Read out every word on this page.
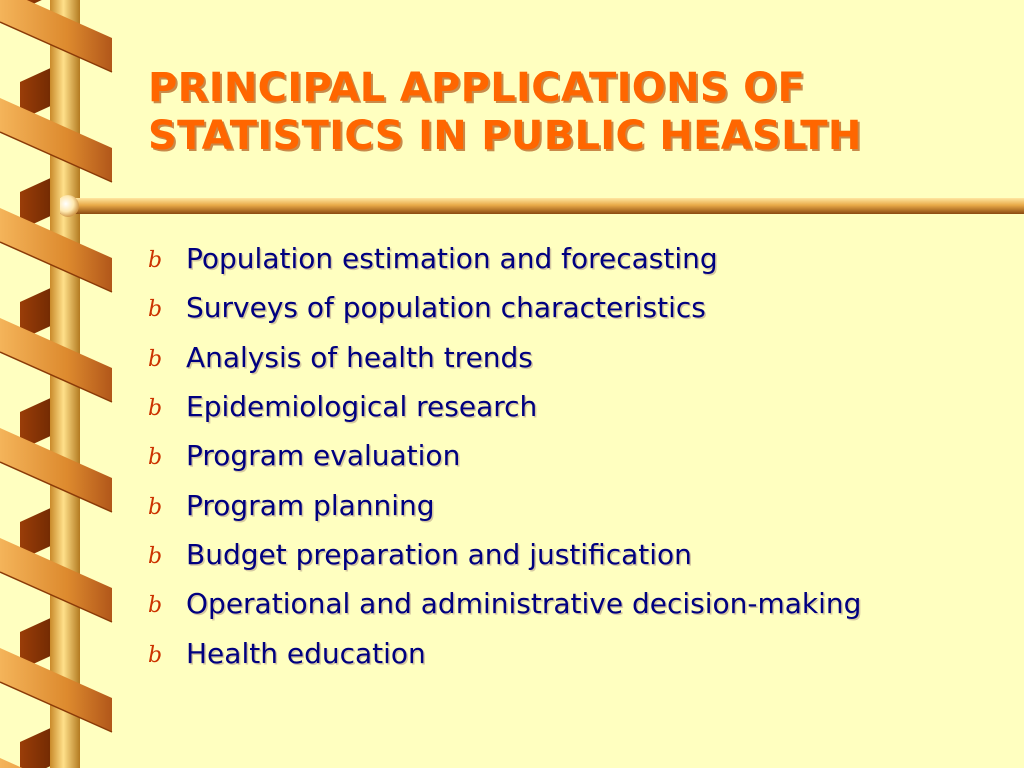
PRINCIPAL APPLICATIONS OF
STATISTICS IN PUBLIC HEASLTH
b Population estimation and forecasting
b Surveys of population characteristics
b Analysis of health trends
b Epidemiological research
b Program evaluation
b Program planning
b Budget preparation and justification
b Operational and administrative decision-making
b Health education
